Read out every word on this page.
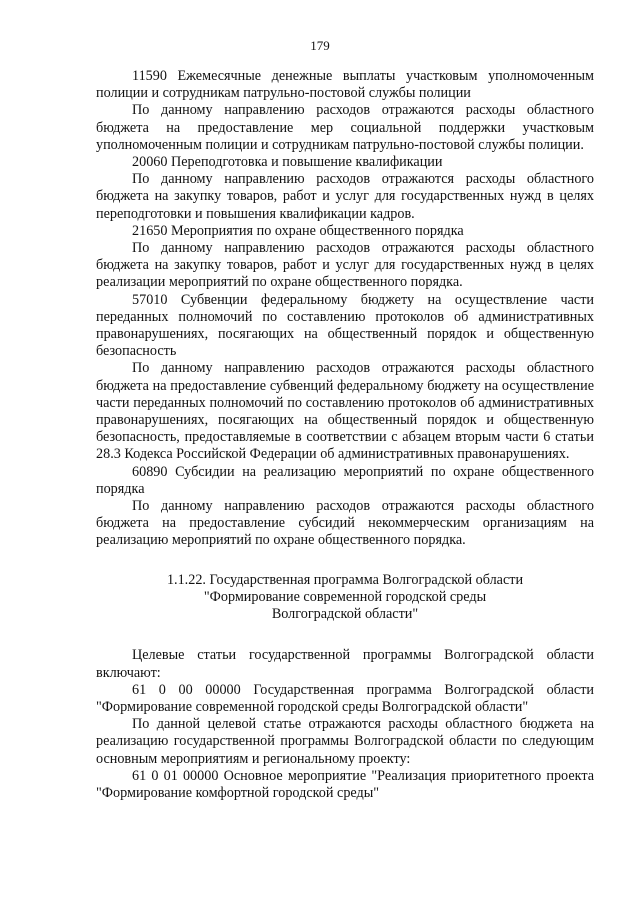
179

11590 Ежемесячные денежные выплаты участковым уполномоченным полиции и сотрудникам патрульно-постовой службы полиции

По данному направлению расходов отражаются расходы областного бюджета на предоставление мер социальной поддержки участковым уполномоченным полиции и сотрудникам патрульно-постовой службы полиции.

20060 Переподготовка и повышение квалификации

По данному направлению расходов отражаются расходы областного бюджета на закупку товаров, работ и услуг для государственных нужд в целях переподготовки и повышения квалификации кадров.

21650 Мероприятия по охране общественного порядка

По данному направлению расходов отражаются расходы областного бюджета на закупку товаров, работ и услуг для государственных нужд в целях реализации мероприятий по охране общественного порядка.

57010 Субвенции федеральному бюджету на осуществление части переданных полномочий по составлению протоколов об административных правонарушениях, посягающих на общественный порядок и общественную безопасность

По данному направлению расходов отражаются расходы областного бюджета на предоставление субвенций федеральному бюджету на осуществление части переданных полномочий по составлению протоколов об административных правонарушениях, посягающих на общественный порядок и общественную безопасность, предоставляемые в соответствии с абзацем вторым части 6 статьи 28.3 Кодекса Российской Федерации об административных правонарушениях.

60890 Субсидии на реализацию мероприятий по охране общественного порядка

По данному направлению расходов отражаются расходы областного бюджета на предоставление субсидий некоммерческим организациям на реализацию мероприятий по охране общественного порядка.

1.1.22. Государственная программа Волгоградской области
"Формирование современной городской среды
Волгоградской области"

Целевые статьи государственной программы Волгоградской области включают:

61 0 00 00000 Государственная программа Волгоградской области "Формирование современной городской среды Волгоградской области"

По данной целевой статье отражаются расходы областного бюджета на реализацию государственной программы Волгоградской области по следующим основным мероприятиям и региональному проекту:

61 0 01 00000 Основное мероприятие "Реализация приоритетного проекта "Формирование комфортной городской среды"
